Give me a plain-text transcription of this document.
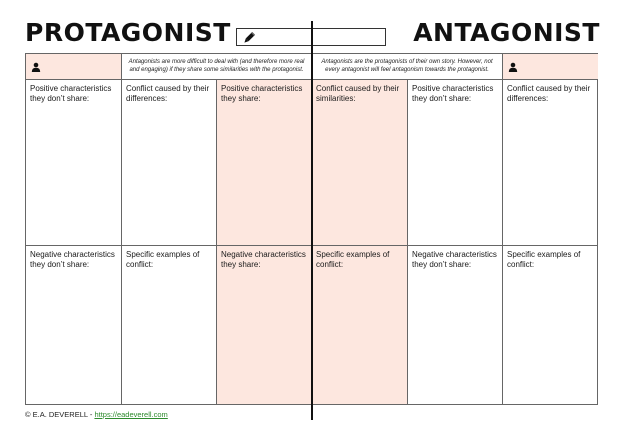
PROTAGONIST	ANTAGONIST
Antagonists are more difficult to deal with (and therefore more real and engaging) if they share some similarities with the protagonist.
Antagonists are the protagonists of their own story. However, not every antagonist will feel antagonism towards the protagonist.
Positive characteristics they don’t share:
Conflict caused by their differences:
Positive characteristics they share:
Conflict caused by their similarities:
Positive characteristics they don’t share:
Conflict caused by their differences:
Negative characteristics they don’t share:
Specific examples of conflict:
Negative characteristics they share:
Specific examples of conflict:
Negative characteristics they don’t share:
Specific examples of conflict:
© E.A. DEVERELL - https://eadeverell.com
